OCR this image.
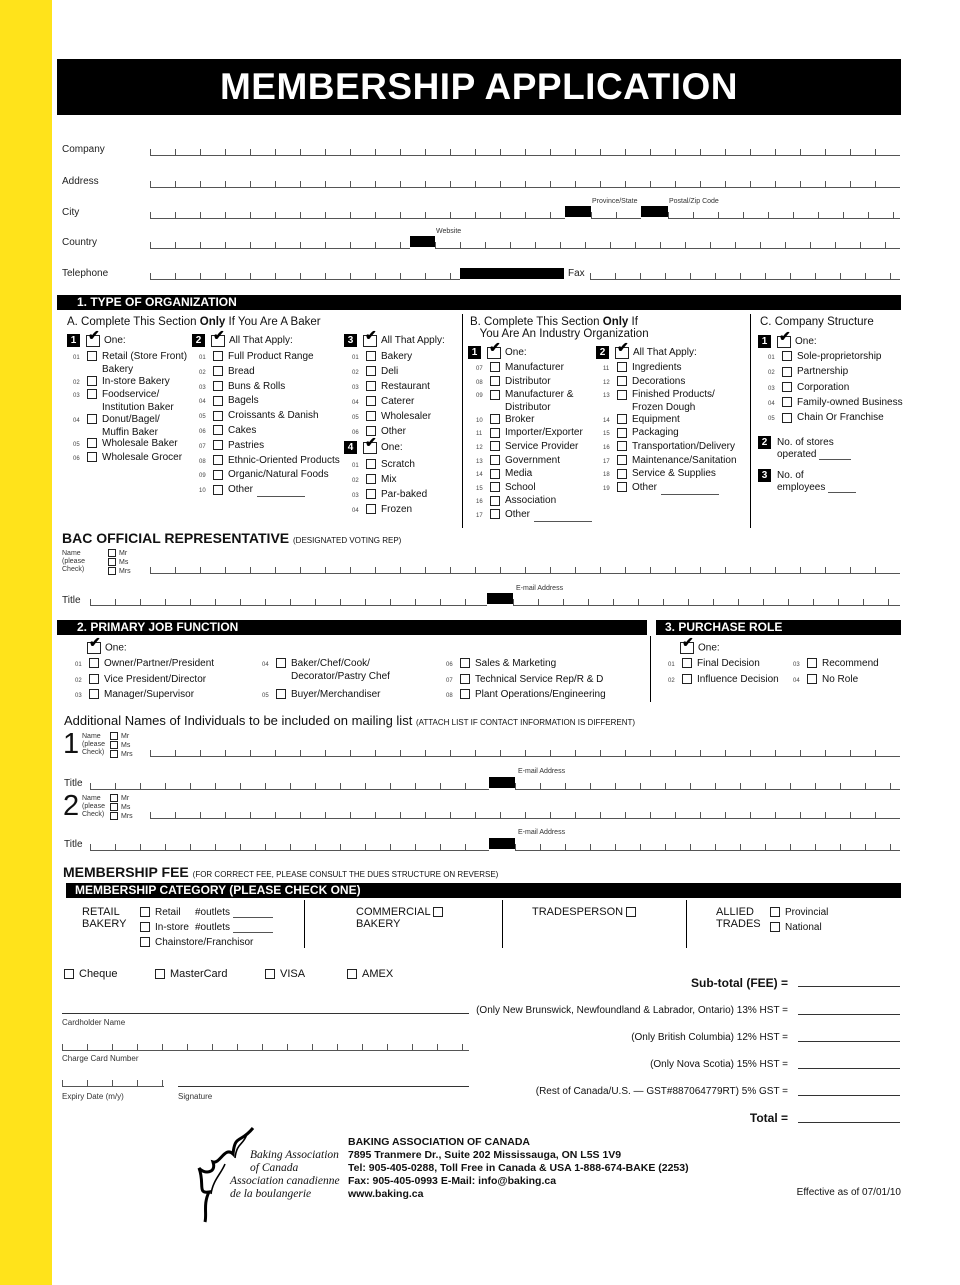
MEMBERSHIP APPLICATION
Company
Address
City
Province/State	Postal/Zip Code
Country
Website
Telephone	Fax
1. TYPE OF ORGANIZATION
A. Complete This Section Only If You Are A Baker
1 ✔	One:
01 Retail (Store Front)
Bakery
02 In-store Bakery
03 Foodservice/
Institution Baker
04 Donut/Bagel/
Muffin Baker
05 Wholesale Baker
06 Wholesale Grocer
2 ✔	All That Apply:
01 Full Product Range
02 Bread
03 Buns & Rolls
04 Bagels
05 Croissants & Danish
06 Cakes
07 Pastries
08 Ethnic-Oriented Products
09 Organic/Natural Foods
10 Other
3 ✔	All That Apply:
01 Bakery
02 Deli
03 Restaurant
04 Caterer
05 Wholesaler
06 Other
4 ✔	One:
01 Scratch
02 Mix
03 Par-baked
04 Frozen
B. Complete This Section Only If
You Are An Industry Organization
1 ✔	One:
07 Manufacturer
08 Distributor
09 Manufacturer &
Distributor
10 Broker
11 Importer/Exporter
12 Service Provider
13 Government
14 Media
15 School
16 Association
17 Other
2 ✔	All That Apply:
11 Ingredients
12 Decorations
13 Finished Products/
Frozen Dough
14 Equipment
15 Packaging
16 Transportation/Delivery
17 Maintenance/Sanitation
18 Service & Supplies
19 Other
C. Company Structure
1 ✔	One:
01 Sole-proprietorship
02 Partnership
03 Corporation
04 Family-owned Business
05 Chain Or Franchise
2 No. of stores
operated
3 No. of
employees
BAC OFFICIAL REPRESENTATIVE (DESIGNATED VOTING REP)
Name
(please
Check)
Mr
Ms
Mrs
Title
E-mail Address
2. PRIMARY JOB FUNCTION	3. PURCHASE ROLE
✔One:
01 Owner/Partner/President
02 Vice President/Director
03 Manager/Supervisor
04 Baker/Chef/Cook/
Decorator/Pastry Chef
05 Buyer/Merchandiser
06 Sales & Marketing
07 Technical Service Rep/R & D
08 Plant Operations/Engineering
✔One:
01 Final Decision
02 Influence Decision
03 Recommend
04 No Role
Additional Names of Individuals to be included on mailing list (ATTACH LIST IF CONTACT INFORMATION IS DIFFERENT)
1 Name
(please
Check)
Mr
Ms
Mrs
Title
E-mail Address
2 Name
(please
Check)
Mr
Ms
Mrs
Title
E-mail Address
MEMBERSHIP FEE (FOR CORRECT FEE, PLEASE CONSULT THE DUES STRUCTURE ON REVERSE)
MEMBERSHIP CATEGORY (PLEASE CHECK ONE)
RETAIL
BAKERY
Retail #outlets
In-store #outlets
Chainstore/Franchisor
COMMERCIAL
BAKERY
TRADESPERSON	ALLIED
TRADES
Provincial
National
Cheque	MasterCard	VISA	AMEX
Cardholder Name
Charge Card Number
Expiry Date (m/y)	Signature
Sub-total (FEE) =
(Only New Brunswick, Newfoundland & Labrador, Ontario) 13% HST =
(Only British Columbia) 12% HST =
(Only Nova Scotia) 15% HST =
(Rest of Canada/U.S. — GST#887064779RT) 5% GST =
Total =
Baking Association
of Canada
Association canadienne
de la boulangerie
BAKING ASSOCIATION OF CANADA
7895 Tranmere Dr., Suite 202 Mississauga, ON L5S 1V9
Tel: 905-405-0288, Toll Free in Canada & USA 1-888-674-BAKE (2253)
Fax: 905-405-0993 E-Mail: info@baking.ca
www.baking.ca	Effective as of 07/01/10
